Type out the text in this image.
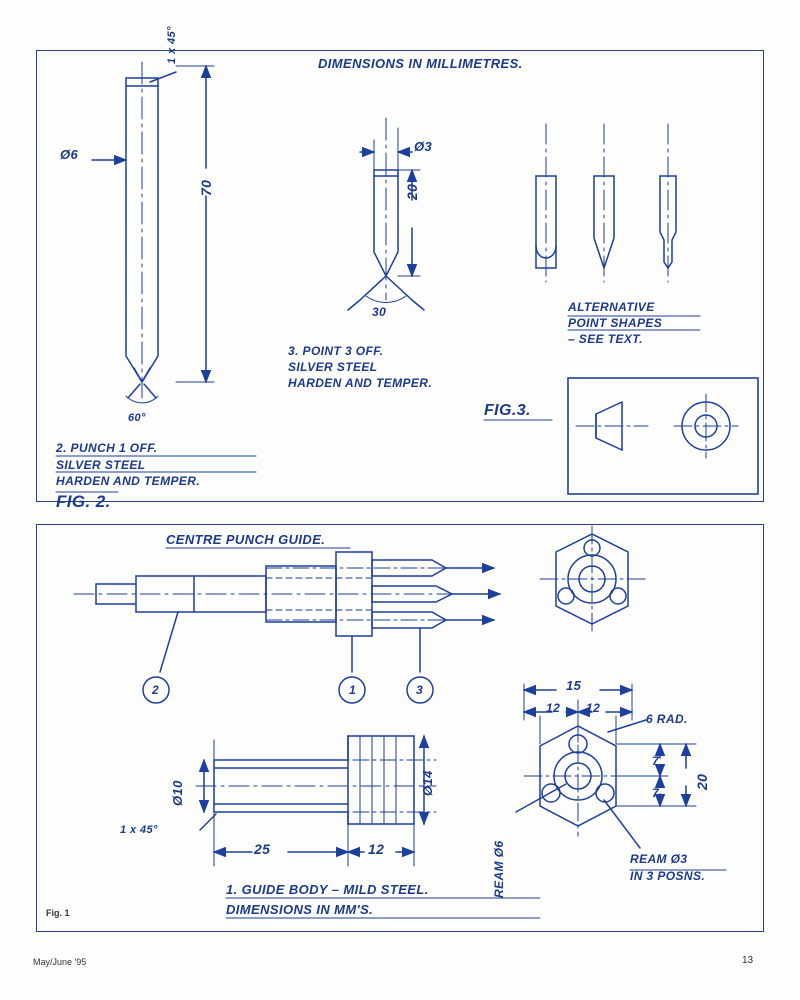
DIMENSIONS IN MILLIMETRES.
1 x 45°
Ø6
70
60°
2. PUNCH 1 OFF.
SILVER STEEL
HARDEN AND TEMPER.
FIG. 2.
Ø3
20
30
3. POINT 3 OFF.
SILVER STEEL
HARDEN AND TEMPER.
FIG.3.
ALTERNATIVE
POINT SHAPES
– SEE TEXT.
CENTRE PUNCH GUIDE.
2	1	3
Ø10
1 x 45°
25	12
Ø14
15
12 12
6 RAD.
7
7
20
REAM Ø6	REAM Ø3
IN 3 POSNS.
1. GUIDE BODY – MILD STEEL.
DIMENSIONS IN MM'S.
Fig. 1
May/June '95	13
